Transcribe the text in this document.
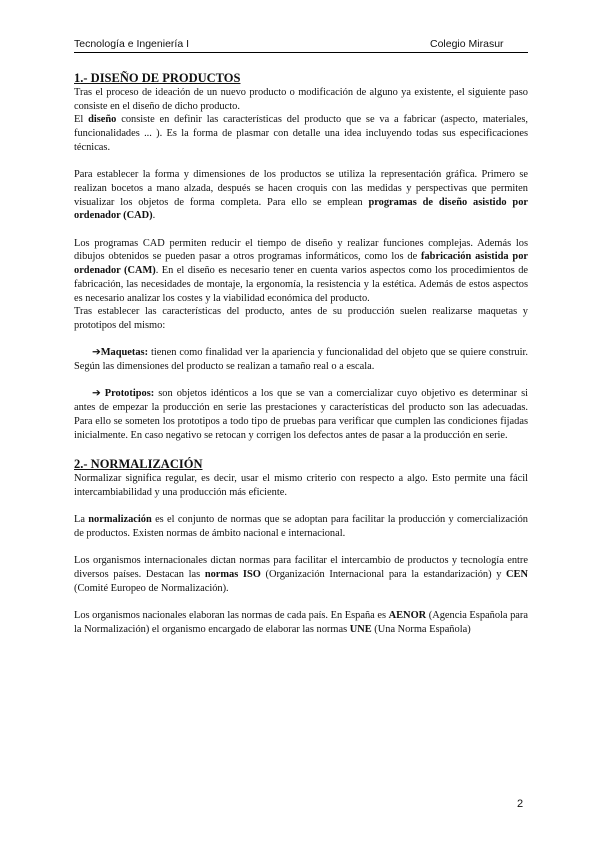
Tecnología e Ingeniería I	Colegio Mirasur

1.- DISEÑO DE PRODUCTOS

Tras el proceso de ideación de un nuevo producto o modificación de alguno ya existente, el siguiente paso consiste en el diseño de dicho producto.

El diseño consiste en definir las características del producto que se va a fabricar (aspecto, materiales, funcionalidades ... ). Es la forma de plasmar con detalle una idea incluyendo todas sus especificaciones técnicas.

Para establecer la forma y dimensiones de los productos se utiliza la representación gráfica. Primero se realizan bocetos a mano alzada, después se hacen croquis con las medidas y perspectivas que permiten visualizar los objetos de forma completa. Para ello se emplean programas de diseño asistido por ordenador (CAD).

Los programas CAD permiten reducir el tiempo de diseño y realizar funciones complejas. Además los dibujos obtenidos se pueden pasar a otros programas informáticos, como los de fabricación asistida por ordenador (CAM). En el diseño es necesario tener en cuenta varios aspectos como los procedimientos de fabricación, las necesidades de montaje, la ergonomía, la resistencia y la estética. Además de estos aspectos es necesario analizar los costes y la viabilidad económica del producto.

Tras establecer las características del producto, antes de su producción suelen realizarse maquetas y prototipos del mismo:

➔Maquetas: tienen como finalidad ver la apariencia y funcionalidad del objeto que se quiere construir. Según las dimensiones del producto se realizan a tamaño real o a escala.

➔ Prototipos: son objetos idénticos a los que se van a comercializar cuyo objetivo es determinar si antes de empezar la producción en serie las prestaciones y características del producto son las adecuadas. Para ello se someten los prototipos a todo tipo de pruebas para verificar que cumplen las condiciones fijadas inicialmente. En caso negativo se retocan y corrigen los defectos antes de pasar a la producción en serie.

2.- NORMALIZACIÓN

Normalizar significa regular, es decir, usar el mismo criterio con respecto a algo. Esto permite una fácil intercambiabilidad y una producción más eficiente.

La normalización es el conjunto de normas que se adoptan para facilitar la producción y comercialización de productos. Existen normas de ámbito nacional e internacional.

Los organismos internacionales dictan normas para facilitar el intercambio de productos y tecnología entre diversos países. Destacan las normas ISO (Organización Internacional para la estandarización) y CEN (Comité Europeo de Normalización).

Los organismos nacionales elaboran las normas de cada país. En España es AENOR (Agencia Española para la Normalización) el organismo encargado de elaborar las normas UNE (Una Norma Española)

2
